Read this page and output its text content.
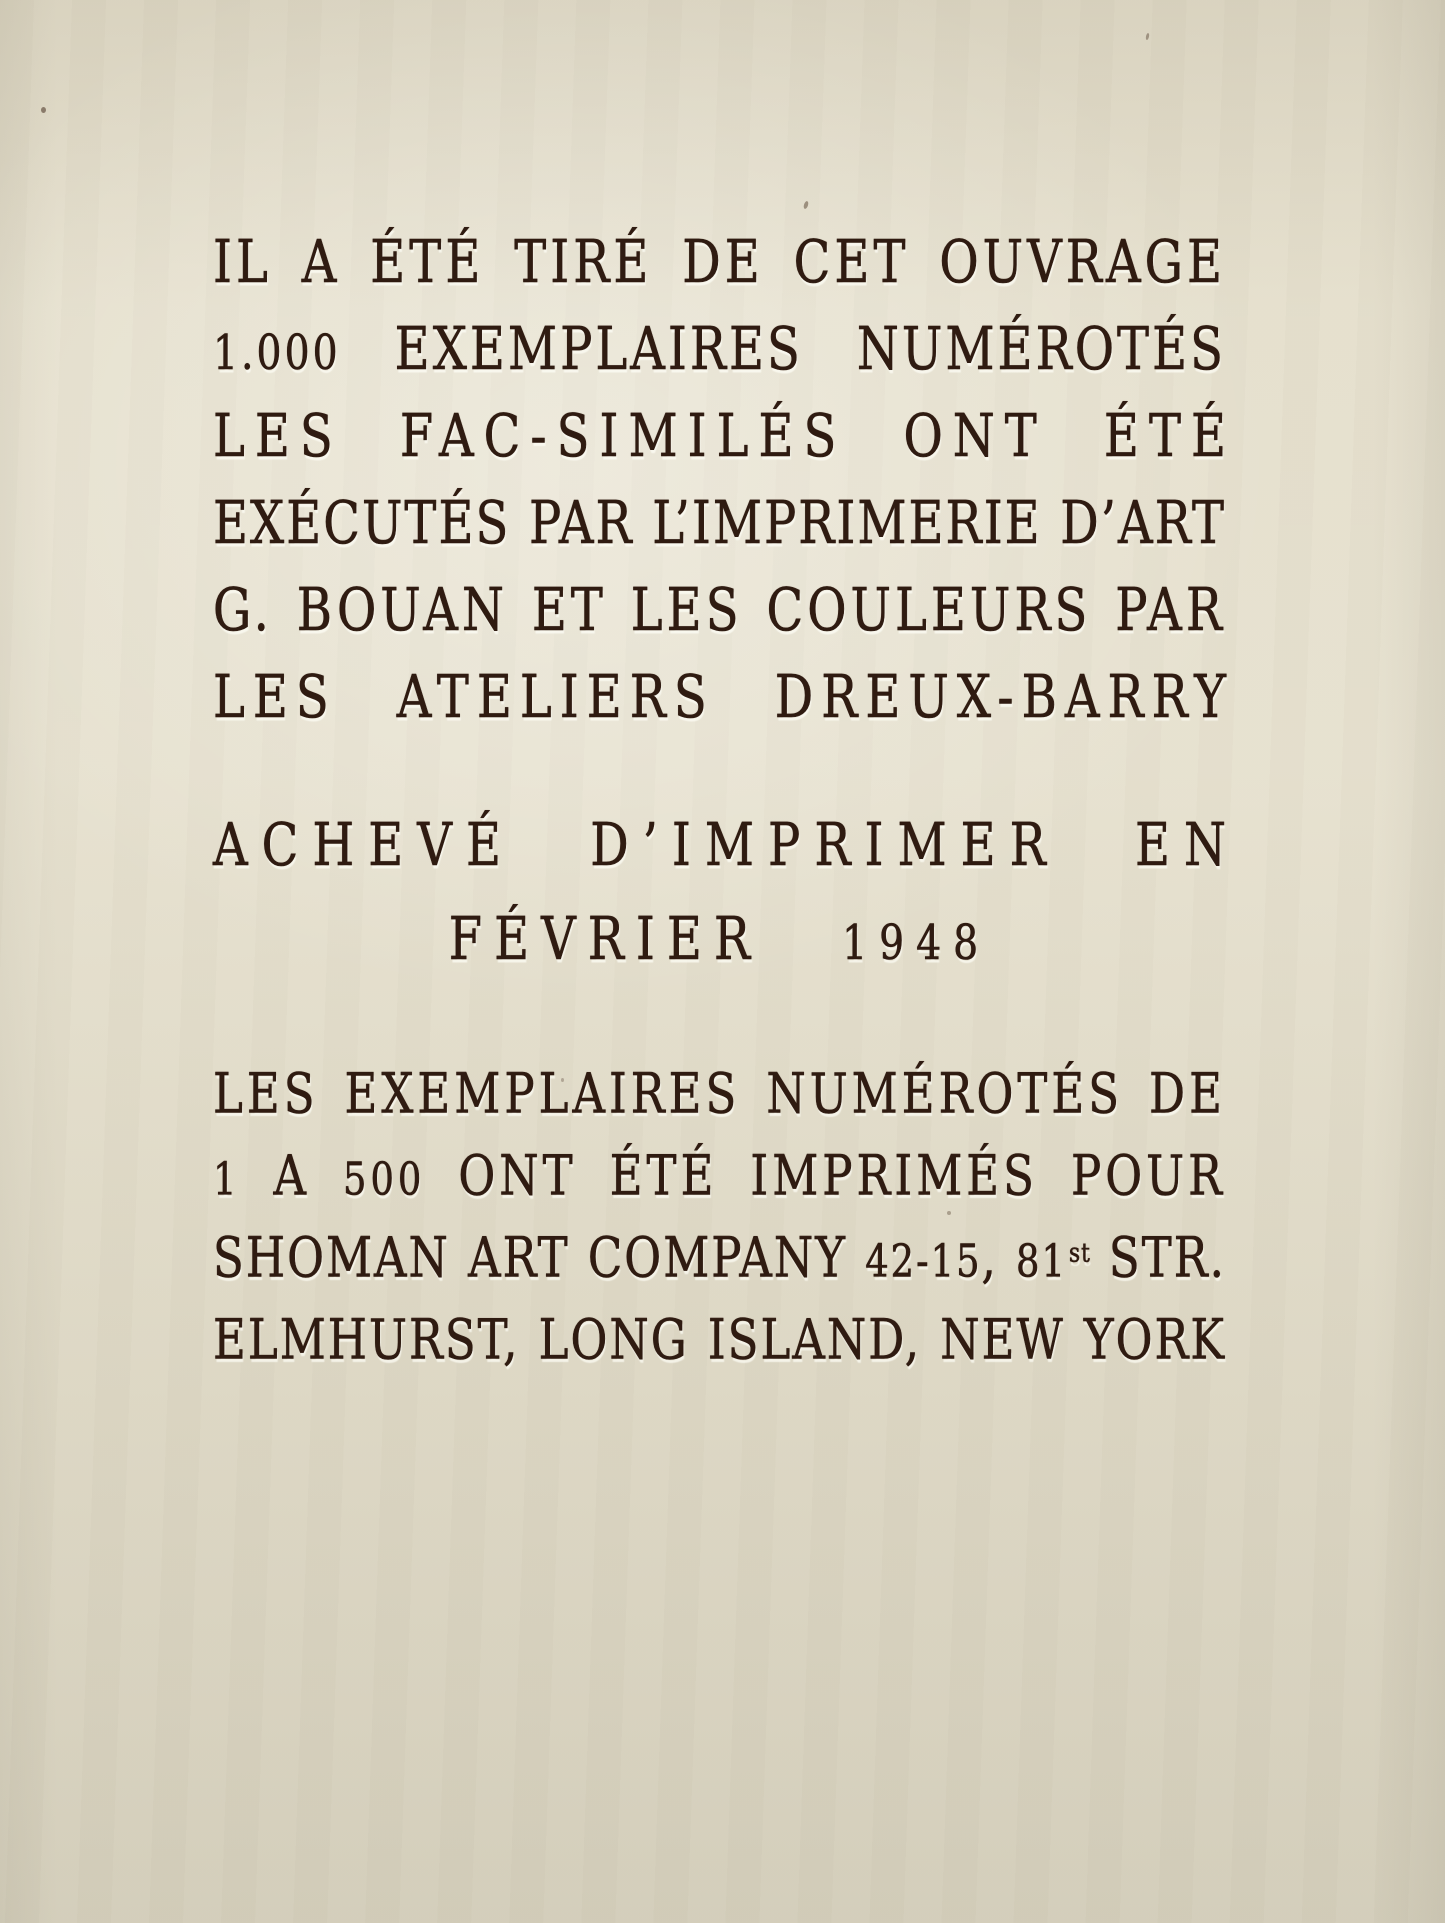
IL A ÉTÉ TIRÉ DE CET OUVRAGE
1.000 EXEMPLAIRES NUMÉROTÉS
LES FAC-SIMILÉS ONT ÉTÉ
EXÉCUTÉS PAR L’IMPRIMERIE D’ART
G. BOUAN ET LES COULEURS PAR
LES ATELIERS DREUX-BARRY
ACHEVÉ D’IMPRIMER EN
FÉVRIER 1948
LES EXEMPLAIRES NUMÉROTÉS DE
1 A 500 ONT ÉTÉ IMPRIMÉS POUR
SHOMAN ART COMPANY 42-15, 81st STR.
ELMHURST, LONG ISLAND, NEW YORK
